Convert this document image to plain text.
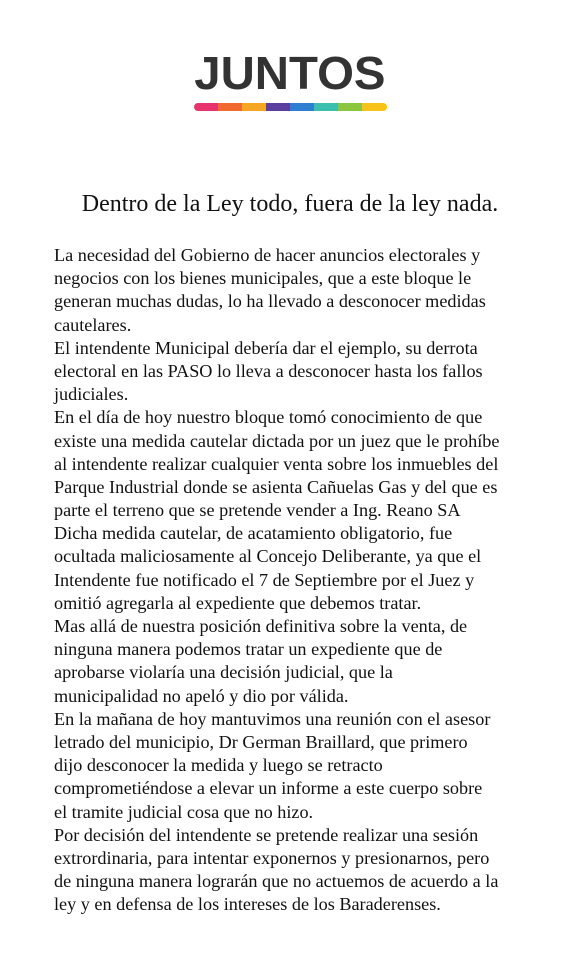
JUNTOS
Dentro de la Ley todo, fuera de la ley nada.
La necesidad del Gobierno de hacer anuncios electorales y
negocios con los bienes municipales, que a este bloque le
generan muchas dudas, lo ha llevado a desconocer medidas
cautelares.
El intendente Municipal debería dar el ejemplo, su derrota
electoral en las PASO lo lleva a desconocer hasta los fallos
judiciales.
En el día de hoy nuestro bloque tomó conocimiento de que
existe una medida cautelar dictada por un juez que le prohíbe
al intendente realizar cualquier venta sobre los inmuebles del
Parque Industrial donde se asienta Cañuelas Gas y del que es
parte el terreno que se pretende vender a Ing. Reano SA
Dicha medida cautelar, de acatamiento obligatorio, fue
ocultada maliciosamente al Concejo Deliberante, ya que el
Intendente fue notificado el 7 de Septiembre por el Juez y
omitió agregarla al expediente que debemos tratar.
Mas allá de nuestra posición definitiva sobre la venta, de
ninguna manera podemos tratar un expediente que de
aprobarse violaría una decisión judicial, que la
municipalidad no apeló y dio por válida.
En la mañana de hoy mantuvimos una reunión con el asesor
letrado del municipio, Dr German Braillard, que primero
dijo desconocer la medida y luego se retracto
comprometiéndose a elevar un informe a este cuerpo sobre
el tramite judicial cosa que no hizo.
Por decisión del intendente se pretende realizar una sesión
extrordinaria, para intentar exponernos y presionarnos, pero
de ninguna manera lograrán que no actuemos de acuerdo a la
ley y en defensa de los intereses de los Baraderenses.
